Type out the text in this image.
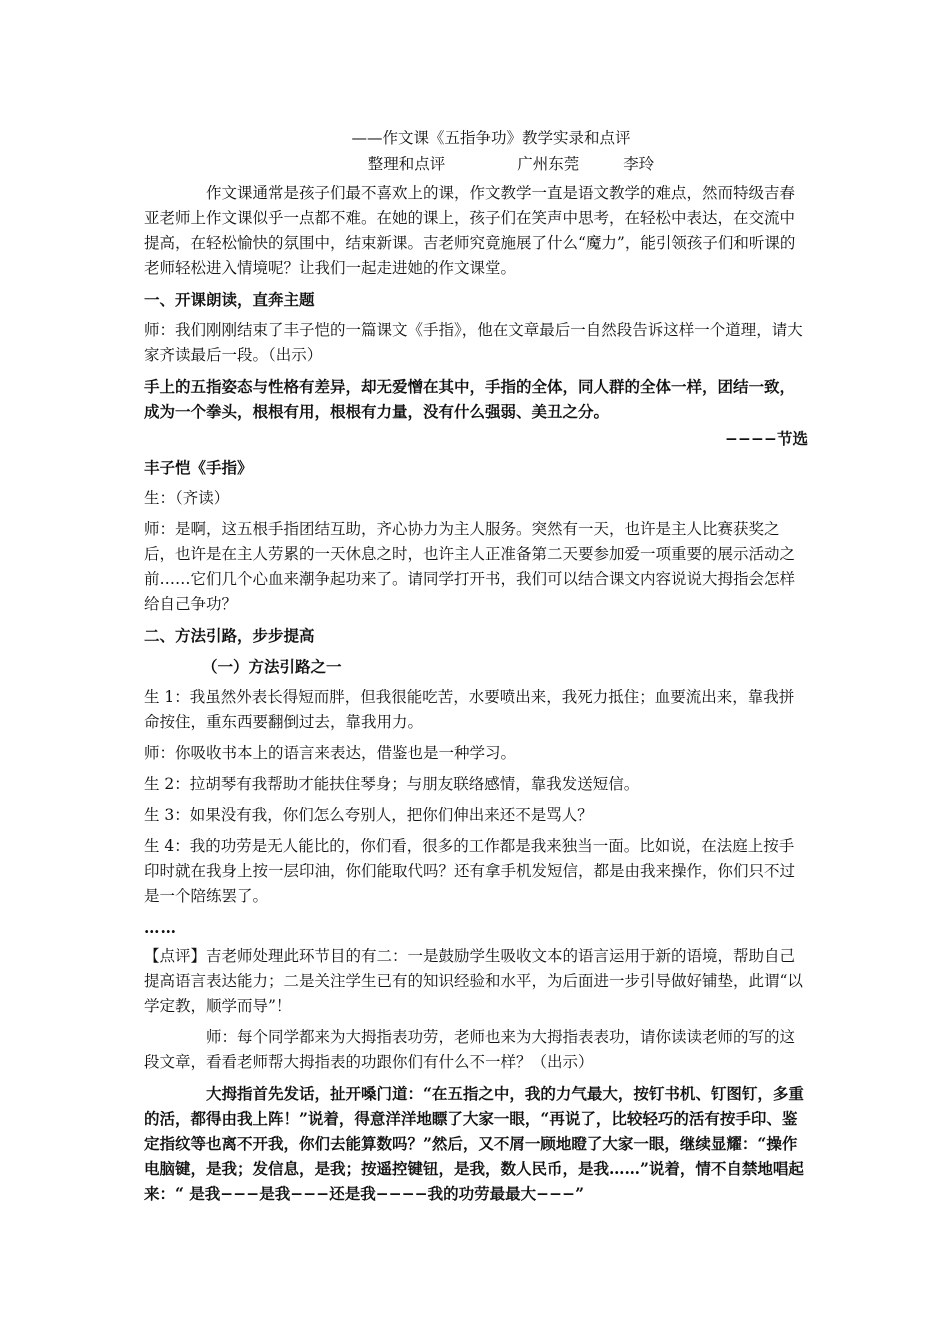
——作文课《五指争功》教学实录和点评

整理和点评	广州东莞	李玲

作文课通常是孩子们最不喜欢上的课，作文教学一直是语文教学的难点，然而特级吉春亚老师上作文课似乎一点都不难。在她的课上，孩子们在笑声中思考，在轻松中表达，在交流中提高，在轻松愉快的氛围中，结束新课。吉老师究竟施展了什么“魔力”，能引领孩子们和听课的老师轻松进入情境呢？让我们一起走进她的作文课堂。

一、开课朗读，直奔主题

师：我们刚刚结束了丰子恺的一篇课文《手指》，他在文章最后一自然段告诉这样一个道理，请大家齐读最后一段。（出示）

手上的五指姿态与性格有差异，却无爱憎在其中，手指的全体，同人群的全体一样，团结一致，成为一个拳头，根根有用，根根有力量，没有什么强弱、美丑之分。

−−−−节选

丰子恺《手指》

生：（齐读）

师：是啊，这五根手指团结互助，齐心协力为主人服务。突然有一天，也许是主人比赛获奖之后，也许是在主人劳累的一天休息之时，也许主人正准备第二天要参加爱一项重要的展示活动之前……它们几个心血来潮争起功来了。请同学打开书，我们可以结合课文内容说说大拇指会怎样给自己争功？

二、方法引路，步步提高

（一）方法引路之一

生 1：我虽然外表长得短而胖，但我很能吃苦，水要喷出来，我死力抵住；血要流出来，靠我拼命按住，重东西要翻倒过去，靠我用力。

师：你吸收书本上的语言来表达，借鉴也是一种学习。

生 2：拉胡琴有我帮助才能扶住琴身；与朋友联络感情，靠我发送短信。

生 3：如果没有我，你们怎么夸别人，把你们伸出来还不是骂人？

生 4：我的功劳是无人能比的，你们看，很多的工作都是我来独当一面。比如说，在法庭上按手印时就在我身上按一层印油，你们能取代吗？还有拿手机发短信，都是由我来操作，你们只不过是一个陪练罢了。

……

【点评】吉老师处理此环节目的有二：一是鼓励学生吸收文本的语言运用于新的语境，帮助自己提高语言表达能力；二是关注学生已有的知识经验和水平，为后面进一步引导做好铺垫，此谓“以学定教，顺学而导”！

师：每个同学都来为大拇指表功劳，老师也来为大拇指表表功，请你读读老师的写的这段文章，看看老师帮大拇指表的功跟你们有什么不一样？（出示）

大拇指首先发话，扯开嗓门道：“在五指之中，我的力气最大，按钉书机、钉图钉，多重的活，都得由我上阵！”说着，得意洋洋地瞟了大家一眼，“再说了，比较轻巧的活有按手印、鉴定指纹等也离不开我，你们去能算数吗？”然后，又不屑一顾地瞪了大家一眼，继续显耀：“操作电脑键，是我；发信息，是我；按遥控键钮，是我，数人民币，是我……”说着，情不自禁地唱起来：“ 是我−−−是我−−−还是我−−−−我的功劳最最大−−−”
